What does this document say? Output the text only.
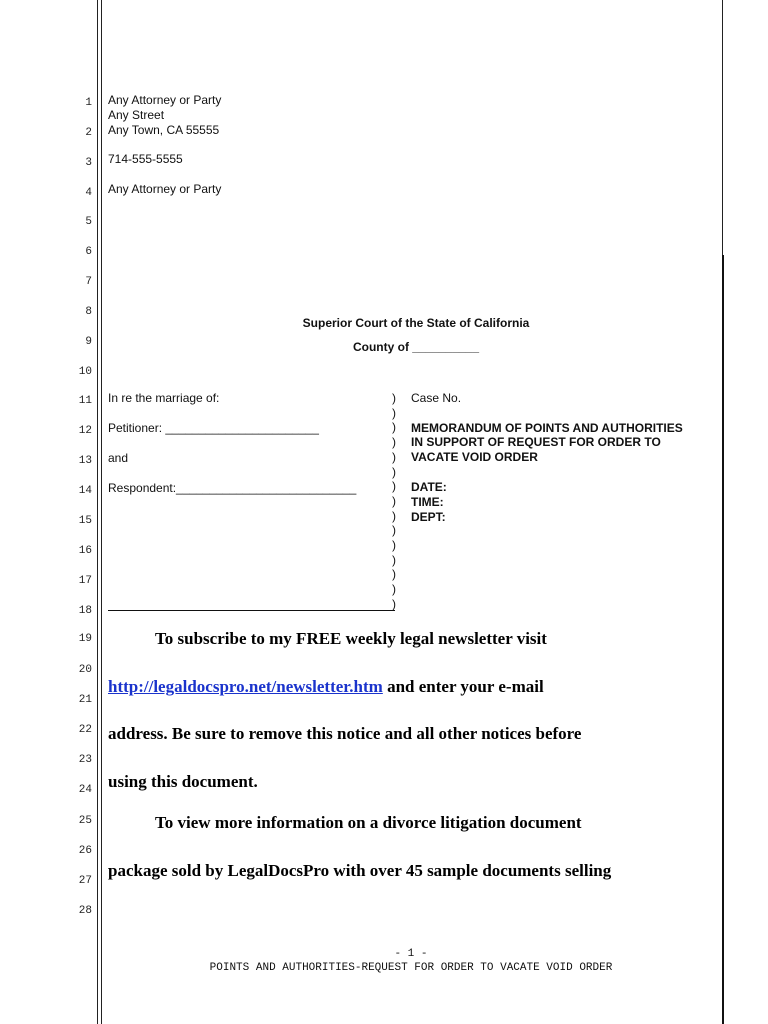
1
2
3
4
5
6
7
8
9
10
11
12
13
14
15
16
17
18
19
20
21
22
23
24
25
26
27
28
Any Attorney or Party
Any Street
Any Town, CA 55555
714-555-5555
Any Attorney or Party
Superior Court of the State of California
County of __________
In re the marriage of:
Petitioner: _______________________
and
Respondent:___________________________
)
)
)
)
)
)
)
)
)
)
)
)
)
)
)
Case No.
MEMORANDUM OF POINTS AND AUTHORITIES
IN SUPPORT OF REQUEST FOR ORDER TO
VACATE VOID ORDER
DATE:
TIME:
DEPT:
To subscribe to my FREE weekly legal newsletter visit
http://legaldocspro.net/newsletter.htm and enter your e-mail
address. Be sure to remove this notice and all other notices before
using this document.
To view more information on a divorce litigation document
package sold by LegalDocsPro with over 45 sample documents selling
- 1 -
POINTS AND AUTHORITIES-REQUEST FOR ORDER TO VACATE VOID ORDER
